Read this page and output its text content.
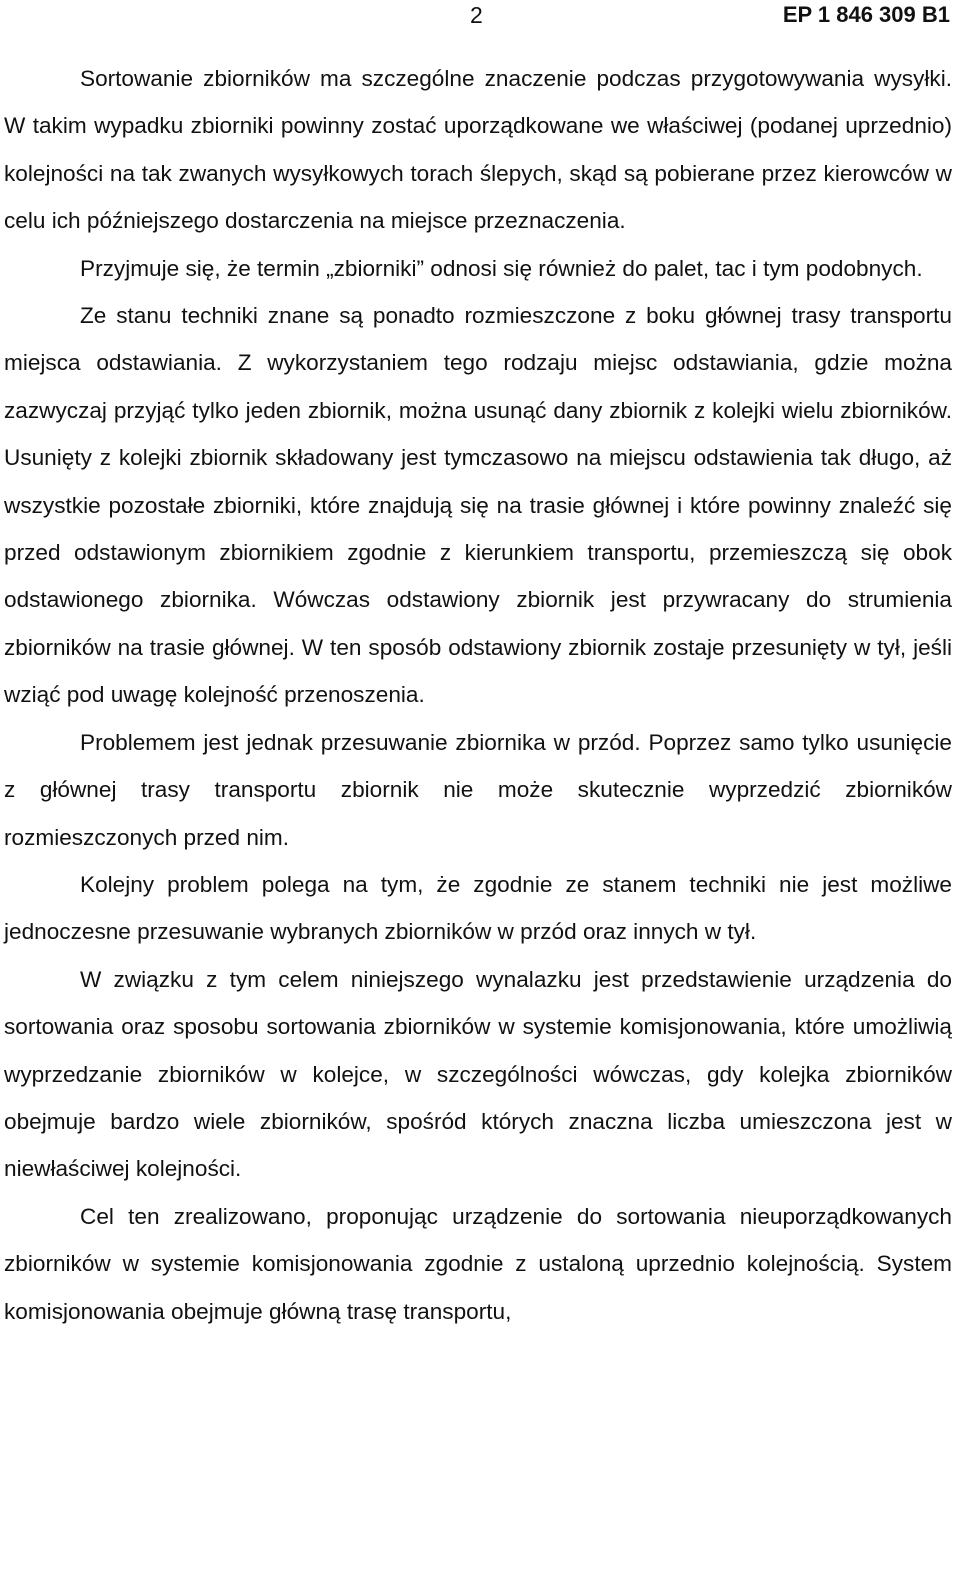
2	EP 1 846 309 B1

Sortowanie zbiorników ma szczególne znaczenie podczas przygotowywania wysyłki. W takim wypadku zbiorniki powinny zostać uporządkowane we właściwej (podanej uprzednio) kolejności na tak zwanych wysyłkowych torach ślepych, skąd są pobierane przez kierowców w celu ich późniejszego dostarczenia na miejsce przeznaczenia.

Przyjmuje się, że termin „zbiorniki” odnosi się również do palet, tac i tym podobnych.

Ze stanu techniki znane są ponadto rozmieszczone z boku głównej trasy transportu miejsca odstawiania. Z wykorzystaniem tego rodzaju miejsc odstawiania, gdzie można zazwyczaj przyjąć tylko jeden zbiornik, można usunąć dany zbiornik z kolejki wielu zbiorników. Usunięty z kolejki zbiornik składowany jest tymczasowo na miejscu odstawienia tak długo, aż wszystkie pozostałe zbiorniki, które znajdują się na trasie głównej i które powinny znaleźć się przed odstawionym zbiornikiem zgodnie z kierunkiem transportu, przemieszczą się obok odstawionego zbiornika. Wówczas odstawiony zbiornik jest przywracany do strumienia zbiorników na trasie głównej. W ten sposób odstawiony zbiornik zostaje przesunięty w tył, jeśli wziąć pod uwagę kolejność przenoszenia.

Problemem jest jednak przesuwanie zbiornika w przód. Poprzez samo tylko usunięcie z głównej trasy transportu zbiornik nie może skutecznie wyprzedzić zbiorników rozmieszczonych przed nim.

Kolejny problem polega na tym, że zgodnie ze stanem techniki nie jest możliwe jednoczesne przesuwanie wybranych zbiorników w przód oraz innych w tył.

W związku z tym celem niniejszego wynalazku jest przedstawienie urządzenia do sortowania oraz sposobu sortowania zbiorników w systemie komisjonowania, które umożliwią wyprzedzanie zbiorników w kolejce, w szczególności wówczas, gdy kolejka zbiorników obejmuje bardzo wiele zbiorników, spośród których znaczna liczba umieszczona jest w niewłaściwej kolejności.

Cel ten zrealizowano, proponując urządzenie do sortowania nieuporządkowanych zbiorników w systemie komisjonowania zgodnie z ustaloną uprzednio kolejnością. System komisjonowania obejmuje główną trasę transportu,
